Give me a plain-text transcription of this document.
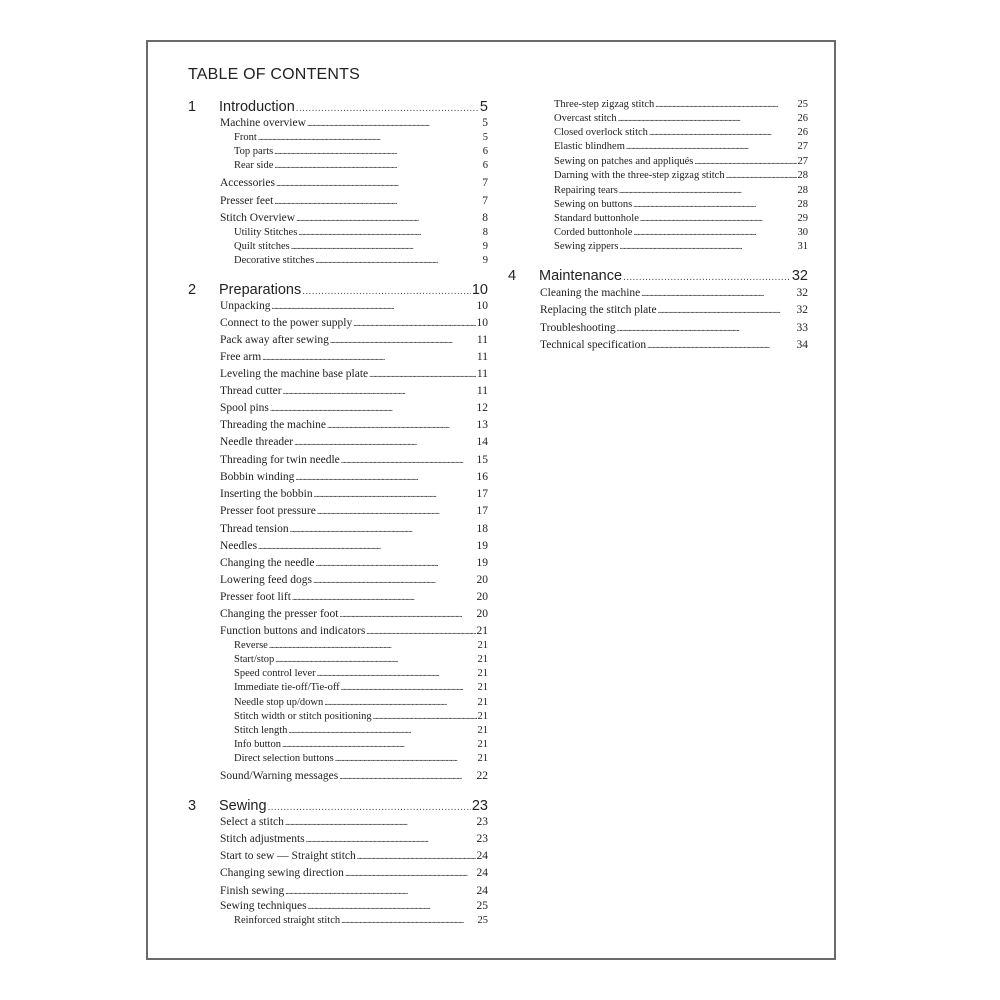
TABLE OF CONTENTS
1	Introduction . . .	5
Machine overview . . .	5
Front . . .	5
Top parts . . .	6
Rear side . . .	6
Accessories . . .	7
Presser feet . . .	7
Stitch Overview . . .	8
Utility Stitches . . .	8
Quilt stitches . . .	9
Decorative stitches . . .	9
2	Preparations . . .	10
Unpacking . . .	10
Connect to the power supply . . .	10
Pack away after sewing . . .	11
Free arm . . .	11
Leveling the machine base plate . . .	11
Thread cutter . . .	11
Spool pins . . .	12
Threading the machine . . .	13
Needle threader . . .	14
Threading for twin needle . . .	15
Bobbin winding . . .	16
Inserting the bobbin . . .	17
Presser foot pressure . . .	17
Thread tension . . .	18
Needles . . .	19
Changing the needle . . .	19
Lowering feed dogs . . .	20
Presser foot lift . . .	20
Changing the presser foot . . .	20
Function buttons and indicators . . .	21
Reverse . . .	21
Start/stop . . .	21
Speed control lever . . .	21
Immediate tie-off/Tie-off . . .	21
Needle stop up/down . . .	21
Stitch width or stitch positioning . . .	21
Stitch length . . .	21
Info button . . .	21
Direct selection buttons . . .	21
Sound/Warning messages . . .	22
3	Sewing . . .	23
Select a stitch . . .	23
Stitch adjustments . . .	23
Start to sew — Straight stitch . . .	24
Changing sewing direction . . .	24
Finish sewing . . .	24
Sewing techniques . . .	25
Reinforced straight stitch . . .	25
Three-step zigzag stitch . . .	25
Overcast stitch . . .	26
Closed overlock stitch . . .	26
Elastic blindhem . . .	27
Sewing on patches and appliqués . . .	27
Darning with the three-step zigzag stitch . . .	28
Repairing tears . . .	28
Sewing on buttons . . .	28
Standard buttonhole . . .	29
Corded buttonhole . . .	30
Sewing zippers . . .	31
4	Maintenance . . .	32
Cleaning the machine . . .	32
Replacing the stitch plate . . .	32
Troubleshooting . . .	33
Technical specification . . .	34
